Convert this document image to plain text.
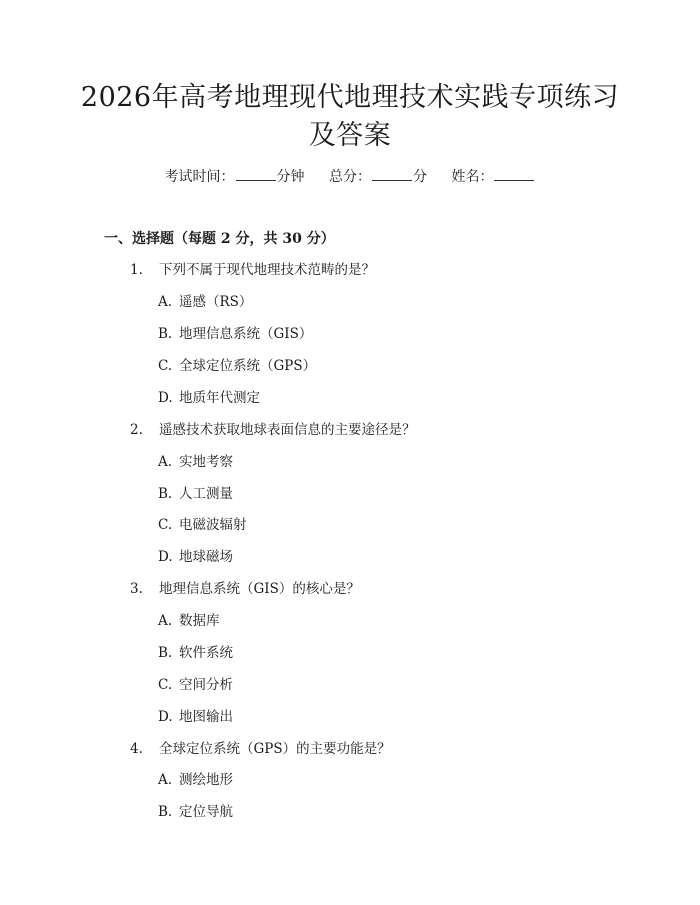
2026年高考地理现代地理技术实践专项练习
及答案
考试时间：	分钟 总分：	分 姓名：
一、选择题（每题 2 分，共 30 分）
1.	下列不属于现代地理技术范畴的是？
A. 遥感（RS）
B. 地理信息系统（GIS）
C. 全球定位系统（GPS）
D. 地质年代测定
2.	遥感技术获取地球表面信息的主要途径是？
A. 实地考察
B. 人工测量
C. 电磁波辐射
D. 地球磁场
3.	地理信息系统（GIS）的核心是？
A. 数据库
B. 软件系统
C. 空间分析
D. 地图输出
4.	全球定位系统（GPS）的主要功能是？
A. 测绘地形
B. 定位导航
